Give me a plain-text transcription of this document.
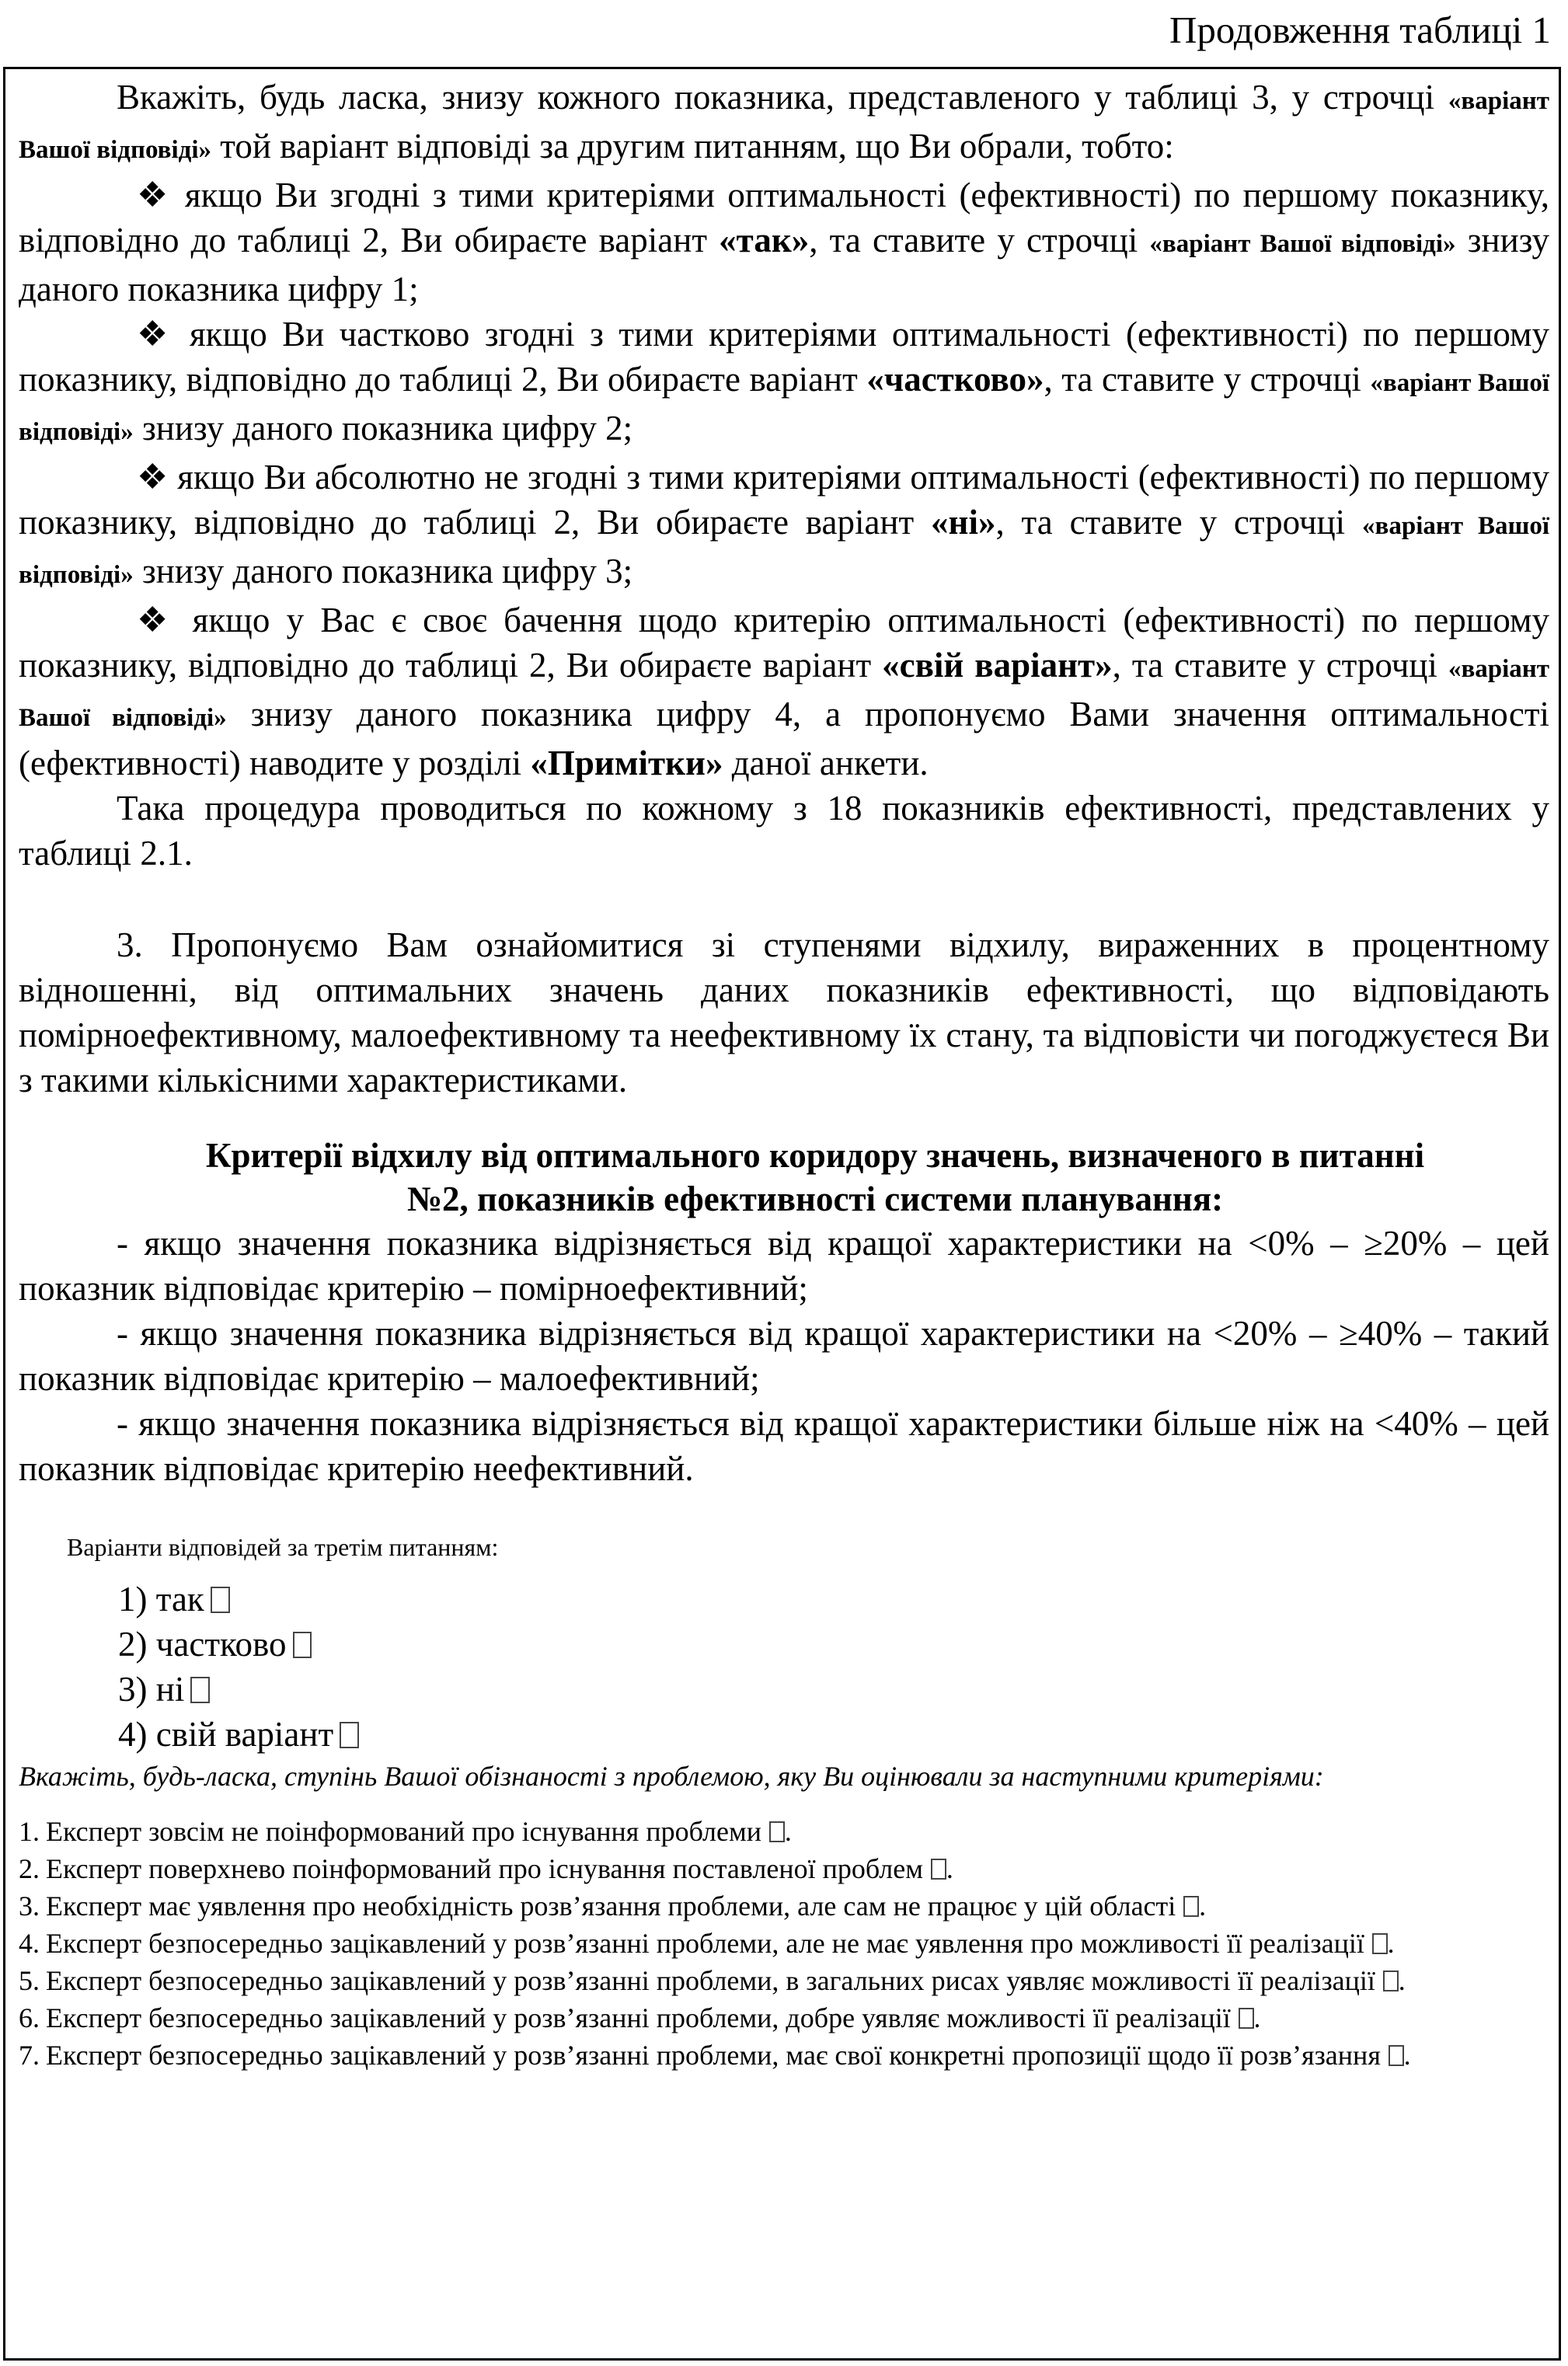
Продовження таблиці 1

Вкажіть, будь ласка, знизу кожного показника, представленого у таблиці 3, у строчці «варіант Вашої відповіді» той варіант відповіді за другим питанням, що Ви обрали, тобто:

❖ якщо Ви згодні з тими критеріями оптимальності (ефективності) по першому показнику, відповідно до таблиці 2, Ви обираєте варіант «так», та ставите у строчці «варіант Вашої відповіді» знизу даного показника цифру 1;

❖ якщо Ви частково згодні з тими критеріями оптимальності (ефективності) по першому показнику, відповідно до таблиці 2, Ви обираєте варіант «частково», та ставите у строчці «варіант Вашої відповіді» знизу даного показника цифру 2;

❖ якщо Ви абсолютно не згодні з тими критеріями оптимальності (ефективності) по першому показнику, відповідно до таблиці 2, Ви обираєте варіант «ні», та ставите у строчці «варіант Вашої відповіді» знизу даного показника цифру 3;

❖ якщо у Вас є своє бачення щодо критерію оптимальності (ефективності) по першому показнику, відповідно до таблиці 2, Ви обираєте варіант «свій варіант», та ставите у строчці «варіант Вашої відповіді» знизу даного показника цифру 4, а пропонуємо Вами значення оптимальності (ефективності) наводите у розділі «Примітки» даної анкети.

Така процедура проводиться по кожному з 18 показників ефективності, представлених у таблиці 2.1.

3. Пропонуємо Вам ознайомитися зі ступенями відхилу, вираженних в процентному відношенні, від оптимальних значень даних показників ефективності, що відповідають помірноефективному, малоефективному та неефективному їх стану, та відповісти чи погоджуєтеся Ви з такими кількісними характеристиками.

Критерії відхилу від оптимального коридору значень, визначеного в питанні
№2, показників ефективності системи планування:

- якщо значення показника відрізняється від кращої характеристики на <0% – ≥20% – цей показник відповідає критерію – помірноефективний;

- якщо значення показника відрізняється від кращої характеристики на <20% – ≥40% – такий показник відповідає критерію – малоефективний;

- якщо значення показника відрізняється від кращої характеристики більше ніж на <40% – цей показник відповідає критерію неефективний.

Варіанти відповідей за третім питанням:

1) так
2) частково
3) ні
4) свій варіант

Вкажіть, будь-ласка, ступінь Вашої обізнаності з проблемою, яку Ви оцінювали за наступними критеріями:

1. Експерт зовсім не поінформований про існування проблеми .

2. Експерт поверхнево поінформований про існування поставленої проблем .

3. Експерт має уявлення про необхідність розв’язання проблеми, але сам не працює у цій області .

4. Експерт безпосередньо зацікавлений у розв’язанні проблеми, але не має уявлення про можливості її реалізації .

5. Експерт безпосередньо зацікавлений у розв’язанні проблеми, в загальних рисах уявляє можливості її реалізації .

6. Експерт безпосередньо зацікавлений у розв’язанні проблеми, добре уявляє можливості її реалізації .

7. Експерт безпосередньо зацікавлений у розв’язанні проблеми, має свої конкретні пропозиції щодо її розв’язання .
